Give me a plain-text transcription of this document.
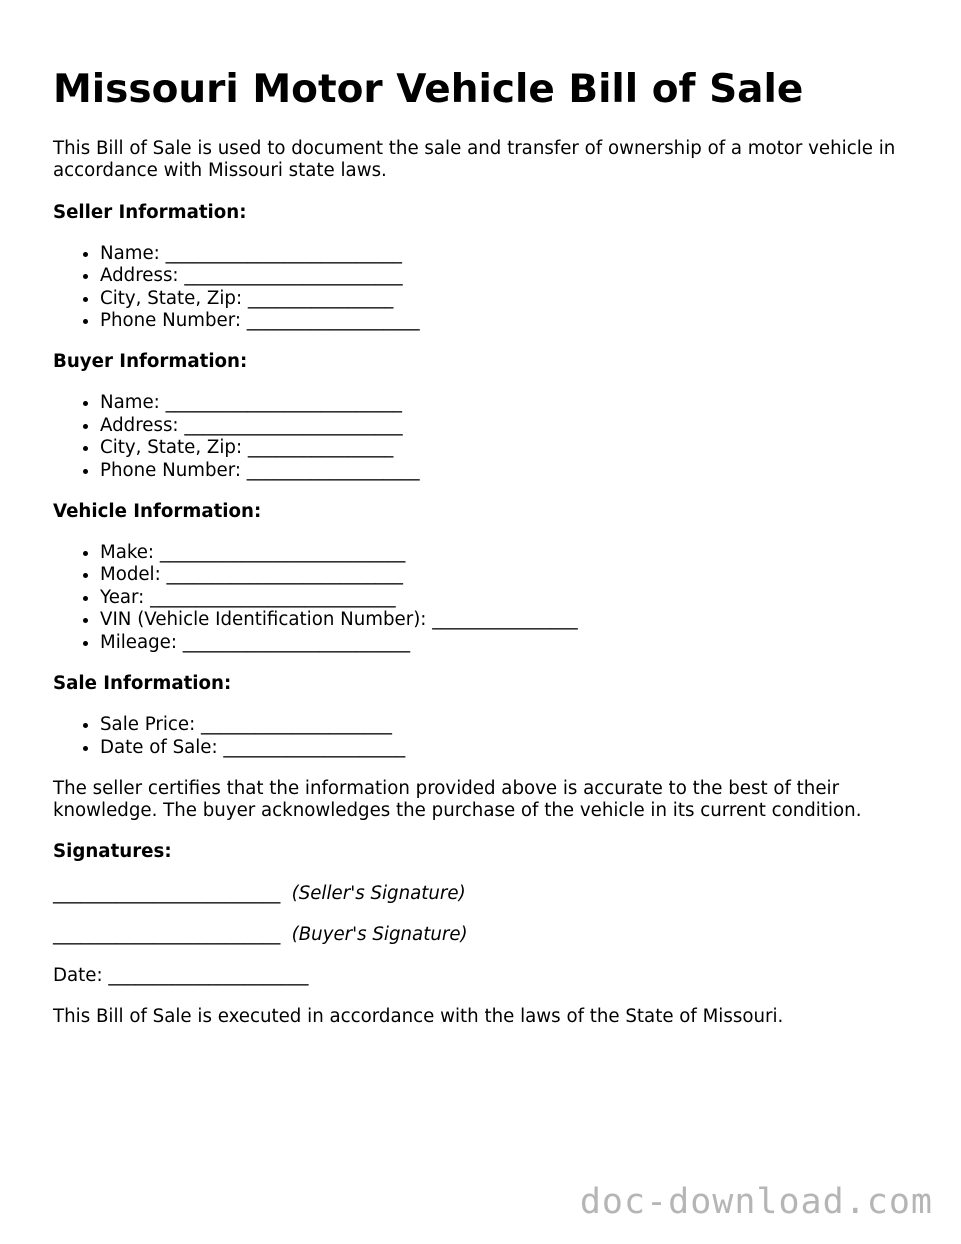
Missouri Motor Vehicle Bill of Sale

This Bill of Sale is used to document the sale and transfer of ownership of a motor vehicle in accordance with Missouri state laws.

Seller Information:
• Name: __________________________
• Address: ________________________
• City, State, Zip: ________________
• Phone Number: ___________________
Buyer Information:
• Name: __________________________
• Address: ________________________
• City, State, Zip: ________________
• Phone Number: ___________________
Vehicle Information:
• Make: ___________________________
• Model: __________________________
• Year: ___________________________
• VIN (Vehicle Identification Number): ________________
• Mileage: _________________________
Sale Information:
• Sale Price: _____________________
• Date of Sale: ____________________

The seller certifies that the information provided above is accurate to the best of their knowledge. The buyer acknowledges the purchase of the vehicle in its current condition.

Signatures:
_________________________ (Seller's Signature)
_________________________ (Buyer's Signature)

Date: ______________________

This Bill of Sale is executed in accordance with the laws of the State of Missouri.

doc-download.com
